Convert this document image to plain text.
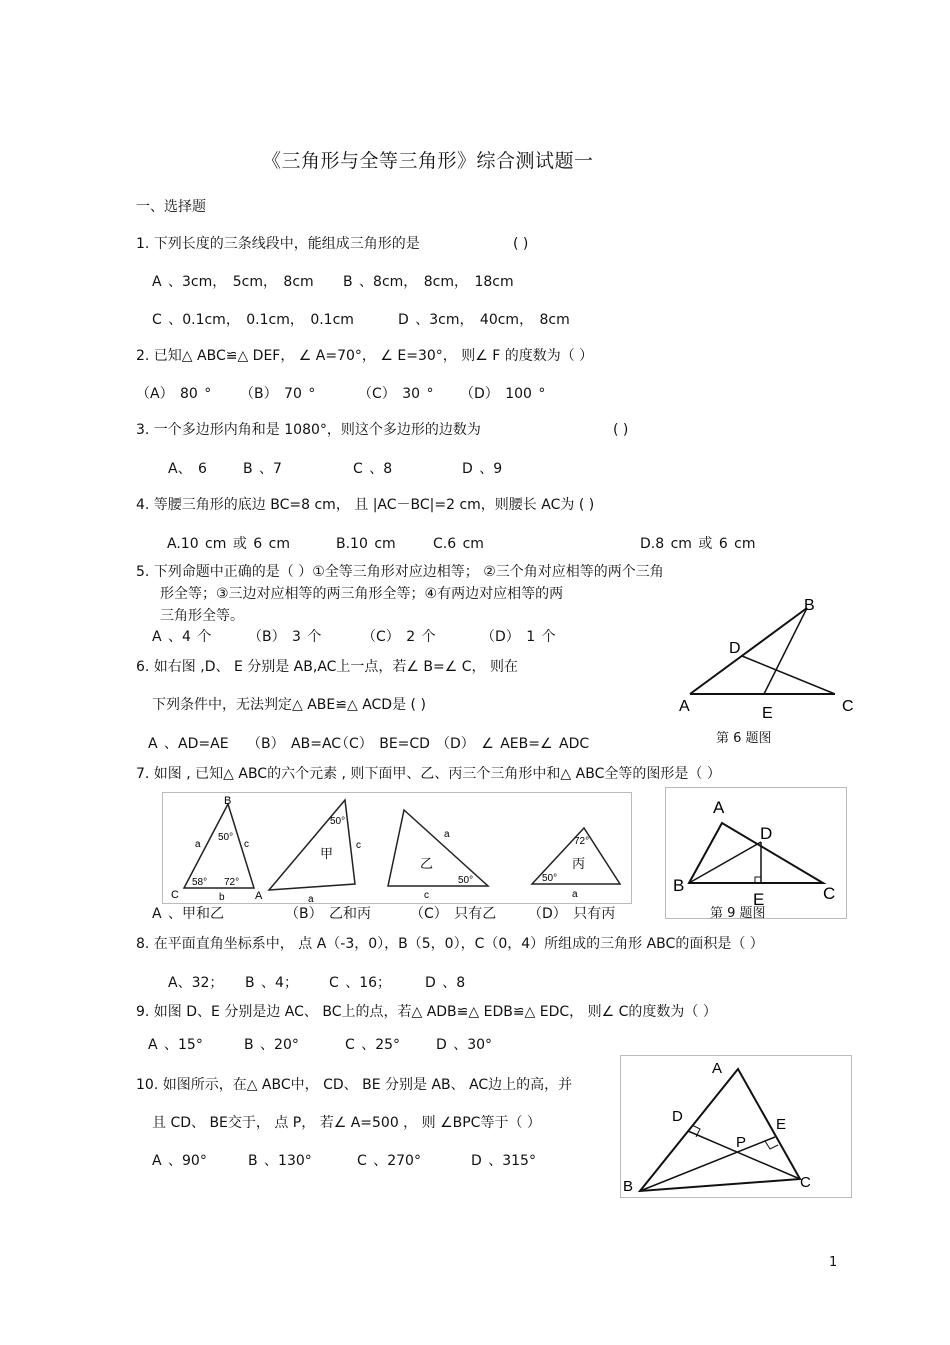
《三角形与全等三角形》综合测试题一
一、选择题
1. 下列长度的三条线段中，能组成三角形的是	( )
A 、3cm， 5cm， 8cm B 、8cm， 8cm， 18cm
C 、0.1cm， 0.1cm， 0.1cm	D 、3cm， 40cm， 8cm
2. 已知△ ABC≌△ DEF， ∠ A=70°， ∠ E=30°， 则∠ F 的度数为（ ）
（A） 80 ° （B） 70 °	（C） 30 ° （D） 100 °
3. 一个多边形内角和是 1080°，则这个多边形的边数为	( )
A、 6	B 、7	C 、8	D 、9
4. 等腰三角形的底边 BC=8 cm， 且 |AC－BC|=2 cm，则腰长 AC为 ( )
A.10 cm 或 6 cm	B.10 cm	C.6 cm	D.8 cm 或 6 cm
5. 下列命题中正确的是（ ）①全等三角形对应边相等； ②三个角对应相等的两个三角
形全等；③三边对应相等的两三角形全等；④有两边对应相等的两
三角形全等。
A 、4 个	（B） 3 个	（C） 2 个	（D） 1 个
6. 如右图 ,D、 E 分别是 AB,AC上一点，若∠ B=∠ C， 则在
下列条件中，无法判定△ ABE≌△ ACD是 ( )
A 、AD=AE （B） AB=AC
（C） BE=CD （D） ∠ AEB=∠ ADC
B
D
A	E	C
第 6 题图
7. 如图 , 已知△ ABC的六个元素 , 则下面甲、乙、丙三个三角形中和△ ABC全等的图形是（ ）
B
C	A
a	c
b
50°
58° 72°
50°
c
a
甲
a
c
50°
乙
72°
50°
a
丙
A 、甲和乙	（B） 乙和丙	（C） 只有乙 （D） 只有丙
A
D
B
E	C
第 9 题图
8. 在平面直角坐标系中， 点 A（-3，0），B（5，0），C（0，4）所组成的三角形 ABC的面积是（ ）
A、32； B 、4； C 、16； D 、8
9. 如图 D、E 分别是边 AC、 BC上的点，若△ ADB≌△ EDB≌△ EDC， 则∠ C的度数为（ ）
A 、15°	B 、20°	C 、25°	D 、30°
10. 如图所示，在△ ABC中， CD、 BE 分别是 AB、 AC边上的高，并
且 CD、 BE交于， 点 P， 若∠ A=500 ， 则 ∠BPC等于（ ）
A 、90°	B 、130°	C 、270°	D 、315°
A
D	E
P
B	C
1
